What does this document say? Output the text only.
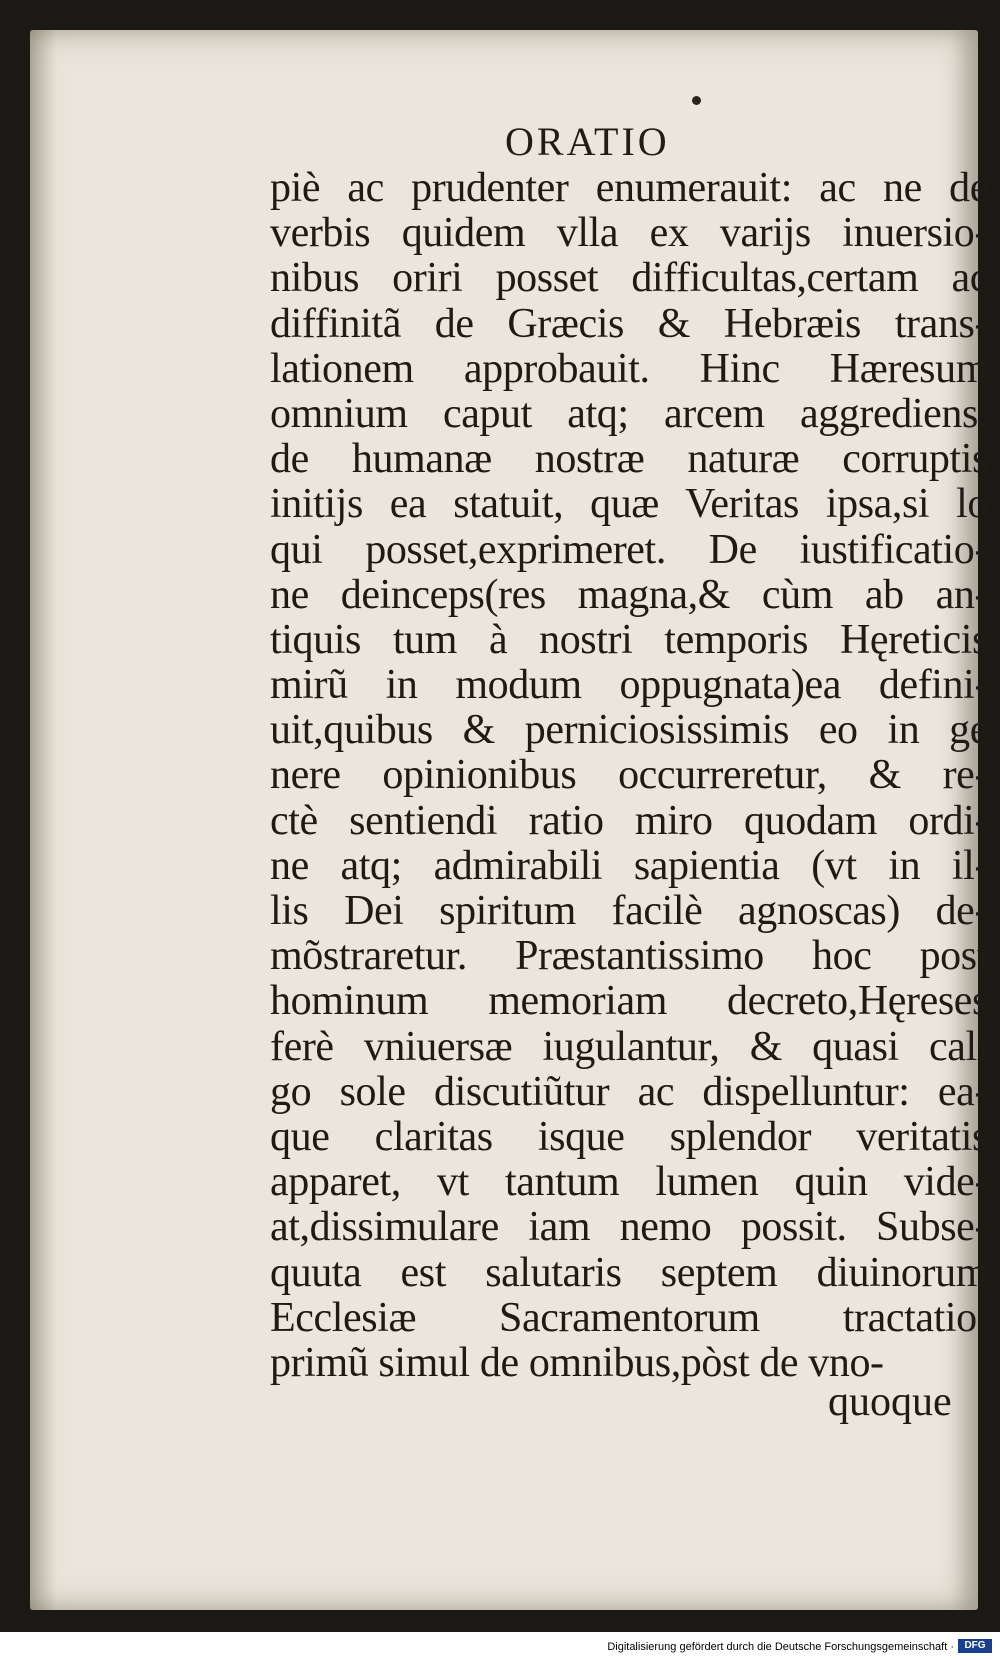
ORATIO
piè ac prudenter enumerauit: ac ne de
verbis quidem vlla ex varijs inuersio-
nibus oriri posset difficultas,certam ac
diffinitã de Græcis & Hebræis trans-
lationem approbauit. Hinc Hæresum
omnium caput atq; arcem aggrediens,
de humanæ nostræ naturæ corruptis
initijs ea statuit, quæ Veritas ipsa,si lo
qui posset,exprimeret. De iustificatio-
ne deinceps(res magna,& cùm ab an-
tiquis tum à nostri temporis Hęreticis
mirũ in modum oppugnata)ea defini-
uit,quibus & perniciosissimis eo in ge
nere opinionibus occurreretur, & re-
ctè sentiendi ratio miro quodam ordi-
ne atq; admirabili sapientia (vt in il-
lis Dei spiritum facilè agnoscas) de-
mõstraretur. Præstantissimo hoc post
hominum memoriam decreto,Hęreses
ferè vniuersæ iugulantur, & quasi cali
go sole discutiũtur ac dispelluntur: ea-
que claritas isque splendor veritatis
apparet, vt tantum lumen quin vide-
at,dissimulare iam nemo possit. Subse-
quuta est salutaris septem diuinorum
Ecclesiæ Sacramentorum tractatio:
primũ simul de omnibus,pòst de vno-
quoque
Digitalisierung gefördert durch die Deutsche Forschungsgemeinschaft ·	DFG
